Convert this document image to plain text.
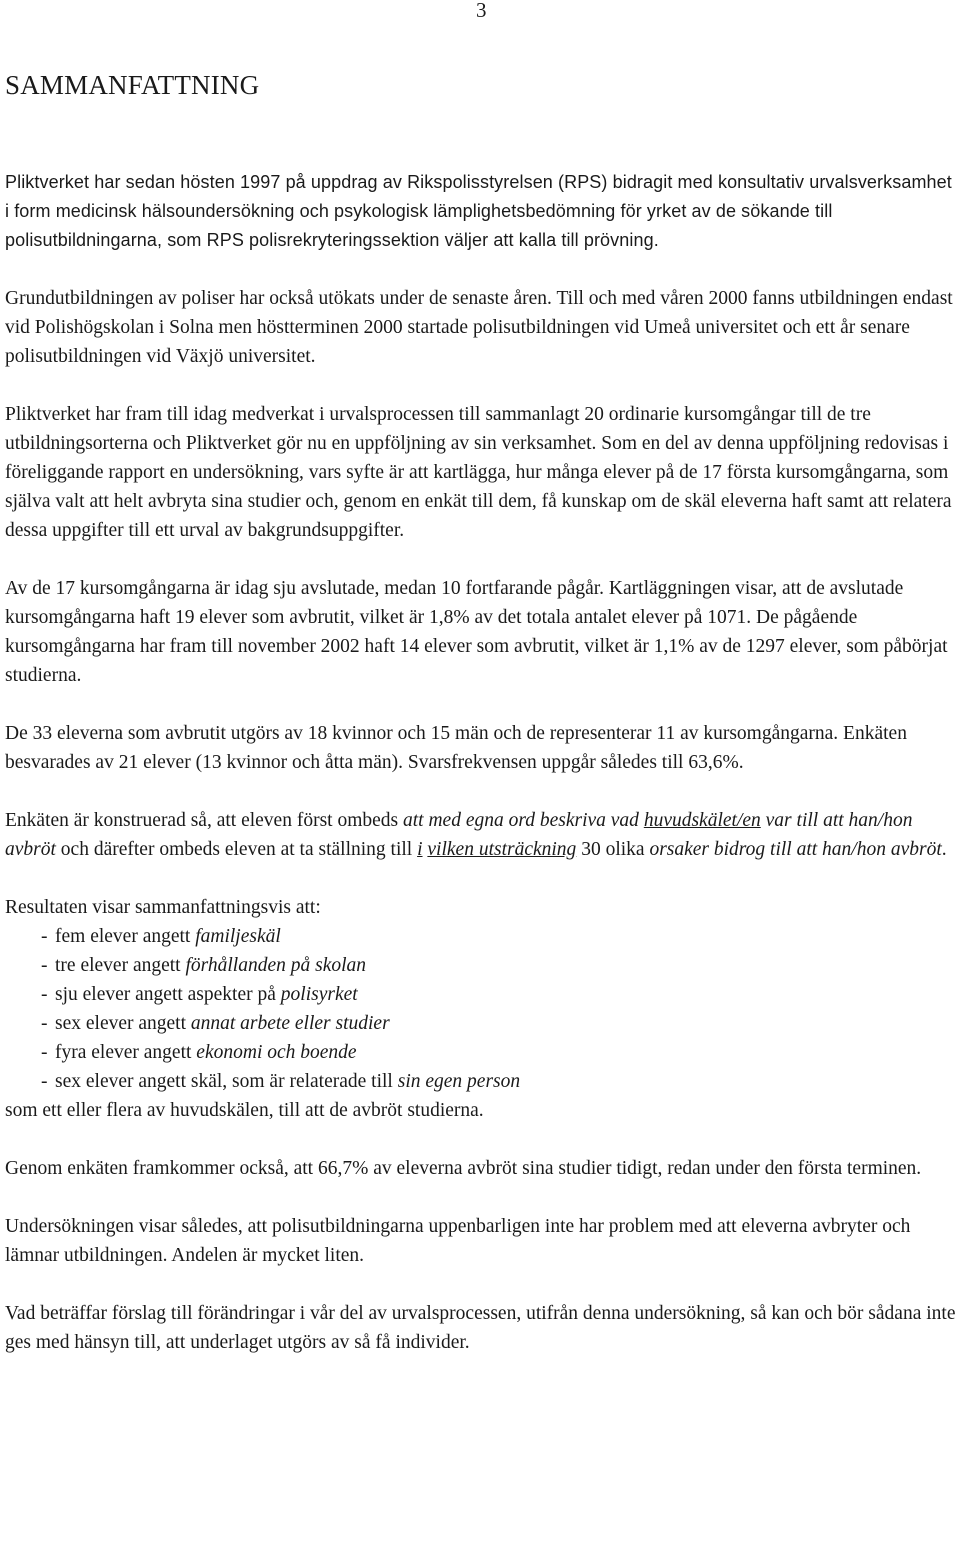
3
SAMMANFATTNING

Pliktverket har sedan hösten 1997 på uppdrag av Rikspolisstyrelsen (RPS) bidragit med konsultativ urvalsverksamhet i form medicinsk hälsoundersökning och psykologisk lämplighetsbedömning för yrket av de sökande till polisutbildningarna, som RPS polisrekryteringssektion väljer att kalla till prövning.

Grundutbildningen av poliser har också utökats under de senaste åren. Till och med våren 2000 fanns utbildningen endast vid Polishögskolan i Solna men höstterminen 2000 startade polisutbildningen vid Umeå universitet och ett år senare polisutbildningen vid Växjö universitet.

Pliktverket har fram till idag medverkat i urvalsprocessen till sammanlagt 20 ordinarie kursomgångar till de tre utbildningsorterna och Pliktverket gör nu en uppföljning av sin verksamhet. Som en del av denna uppföljning redovisas i föreliggande rapport en undersökning, vars syfte är att kartlägga, hur många elever på de 17 första kursomgångarna, som själva valt att helt avbryta sina studier och, genom en enkät till dem, få kunskap om de skäl eleverna haft samt att relatera dessa uppgifter till ett urval av bakgrundsuppgifter.

Av de 17 kursomgångarna är idag sju avslutade, medan 10 fortfarande pågår. Kartläggningen visar, att de avslutade kursomgångarna haft 19 elever som avbrutit, vilket är 1,8% av det totala antalet elever på 1071. De pågående kursomgångarna har fram till november 2002 haft 14 elever som avbrutit, vilket är 1,1% av de 1297 elever, som påbörjat studierna.

De 33 eleverna som avbrutit utgörs av 18 kvinnor och 15 män och de representerar 11 av kursomgångarna. Enkäten besvarades av 21 elever (13 kvinnor och åtta män). Svarsfrekvensen uppgår således till 63,6%.

Enkäten är konstruerad så, att eleven först ombeds att med egna ord beskriva vad huvudskälet/en var till att han/hon avbröt och därefter ombeds eleven at ta ställning till i vilken utsträckning 30 olika orsaker bidrog till att han/hon avbröt.

Resultaten visar sammanfattningsvis att:
- fem elever angett familjeskäl
- tre elever angett förhållanden på skolan
- sju elever angett aspekter på polisyrket
- sex elever angett annat arbete eller studier
- fyra elever angett ekonomi och boende
- sex elever angett skäl, som är relaterade till sin egen person
som ett eller flera av huvudskälen, till att de avbröt studierna.

Genom enkäten framkommer också, att 66,7% av eleverna avbröt sina studier tidigt, redan under den första terminen.

Undersökningen visar således, att polisutbildningarna uppenbarligen inte har problem med att eleverna avbryter och lämnar utbildningen. Andelen är mycket liten.

Vad beträffar förslag till förändringar i vår del av urvalsprocessen, utifrån denna undersökning, så kan och bör sådana inte ges med hänsyn till, att underlaget utgörs av så få individer.
